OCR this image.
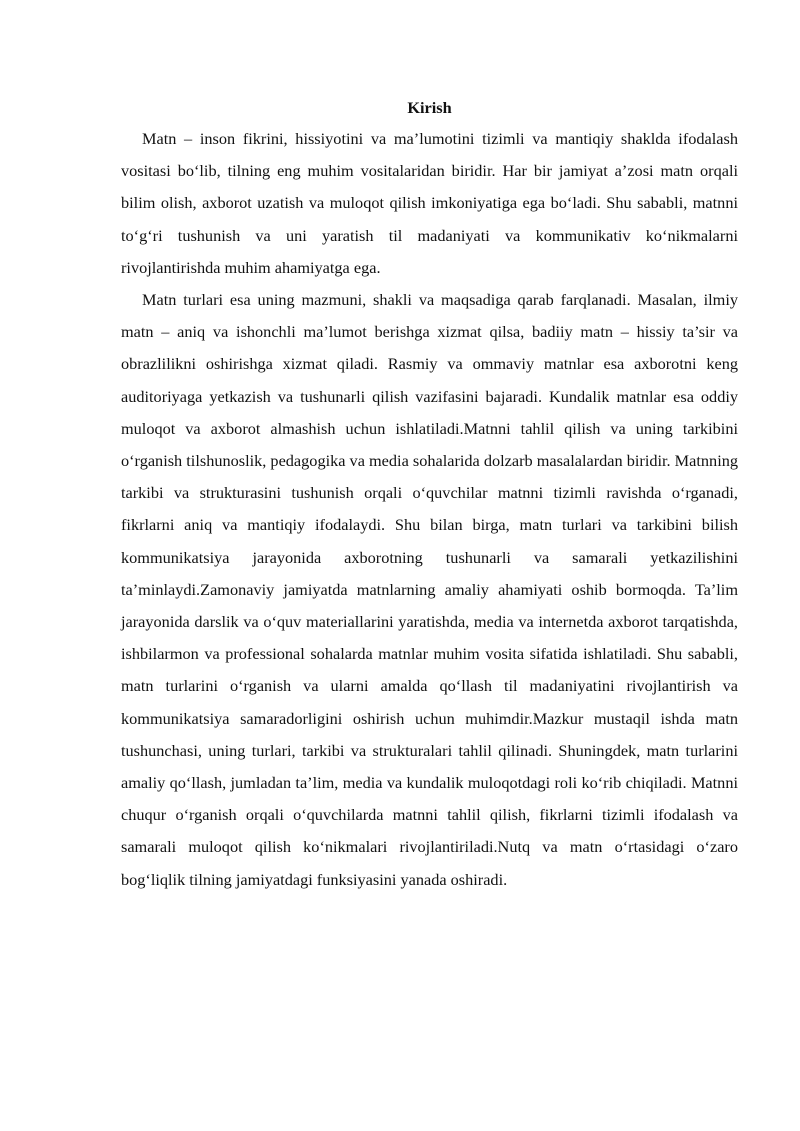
Kirish

Matn – inson fikrini, hissiyotini va ma’lumotini tizimli va mantiqiy shaklda ifodalash vositasi bo‘lib, tilning eng muhim vositalaridan biridir. Har bir jamiyat a’zosi matn orqali bilim olish, axborot uzatish va muloqot qilish imkoniyatiga ega bo‘ladi. Shu sababli, matnni to‘g‘ri tushunish va uni yaratish til madaniyati va kommunikativ ko‘nikmalarni rivojlantirishda muhim ahamiyatga ega.

Matn turlari esa uning mazmuni, shakli va maqsadiga qarab farqlanadi. Masalan, ilmiy matn – aniq va ishonchli ma’lumot berishga xizmat qilsa, badiiy matn – hissiy ta’sir va obrazlilikni oshirishga xizmat qiladi. Rasmiy va ommaviy matnlar esa axborotni keng auditoriyaga yetkazish va tushunarli qilish vazifasini bajaradi. Kundalik matnlar esa oddiy muloqot va axborot almashish uchun ishlatiladi.Matnni tahlil qilish va uning tarkibini o‘rganish tilshunoslik, pedagogika va media sohalarida dolzarb masalalardan biridir. Matnning tarkibi va strukturasini tushunish orqali o‘quvchilar matnni tizimli ravishda o‘rganadi, fikrlarni aniq va mantiqiy ifodalaydi. Shu bilan birga, matn turlari va tarkibini bilish kommunikatsiya jarayonida axborotning tushunarli va samarali yetkazilishini ta’minlaydi.Zamonaviy jamiyatda matnlarning amaliy ahamiyati oshib bormoqda. Ta’lim jarayonida darslik va o‘quv materiallarini yaratishda, media va internetda axborot tarqatishda, ishbilarmon va professional sohalarda matnlar muhim vosita sifatida ishlatiladi. Shu sababli, matn turlarini o‘rganish va ularni amalda qo‘llash til madaniyatini rivojlantirish va kommunikatsiya samaradorligini oshirish uchun muhimdir.Mazkur mustaqil ishda matn tushunchasi, uning turlari, tarkibi va strukturalari tahlil qilinadi. Shuningdek, matn turlarini amaliy qo‘llash, jumladan ta’lim, media va kundalik muloqotdagi roli ko‘rib chiqiladi. Matnni chuqur o‘rganish orqali o‘quvchilarda matnni tahlil qilish, fikrlarni tizimli ifodalash va samarali muloqot qilish ko‘nikmalari rivojlantiriladi.Nutq va matn o‘rtasidagi o‘zaro bog‘liqlik tilning jamiyatdagi funksiyasini yanada oshiradi.
